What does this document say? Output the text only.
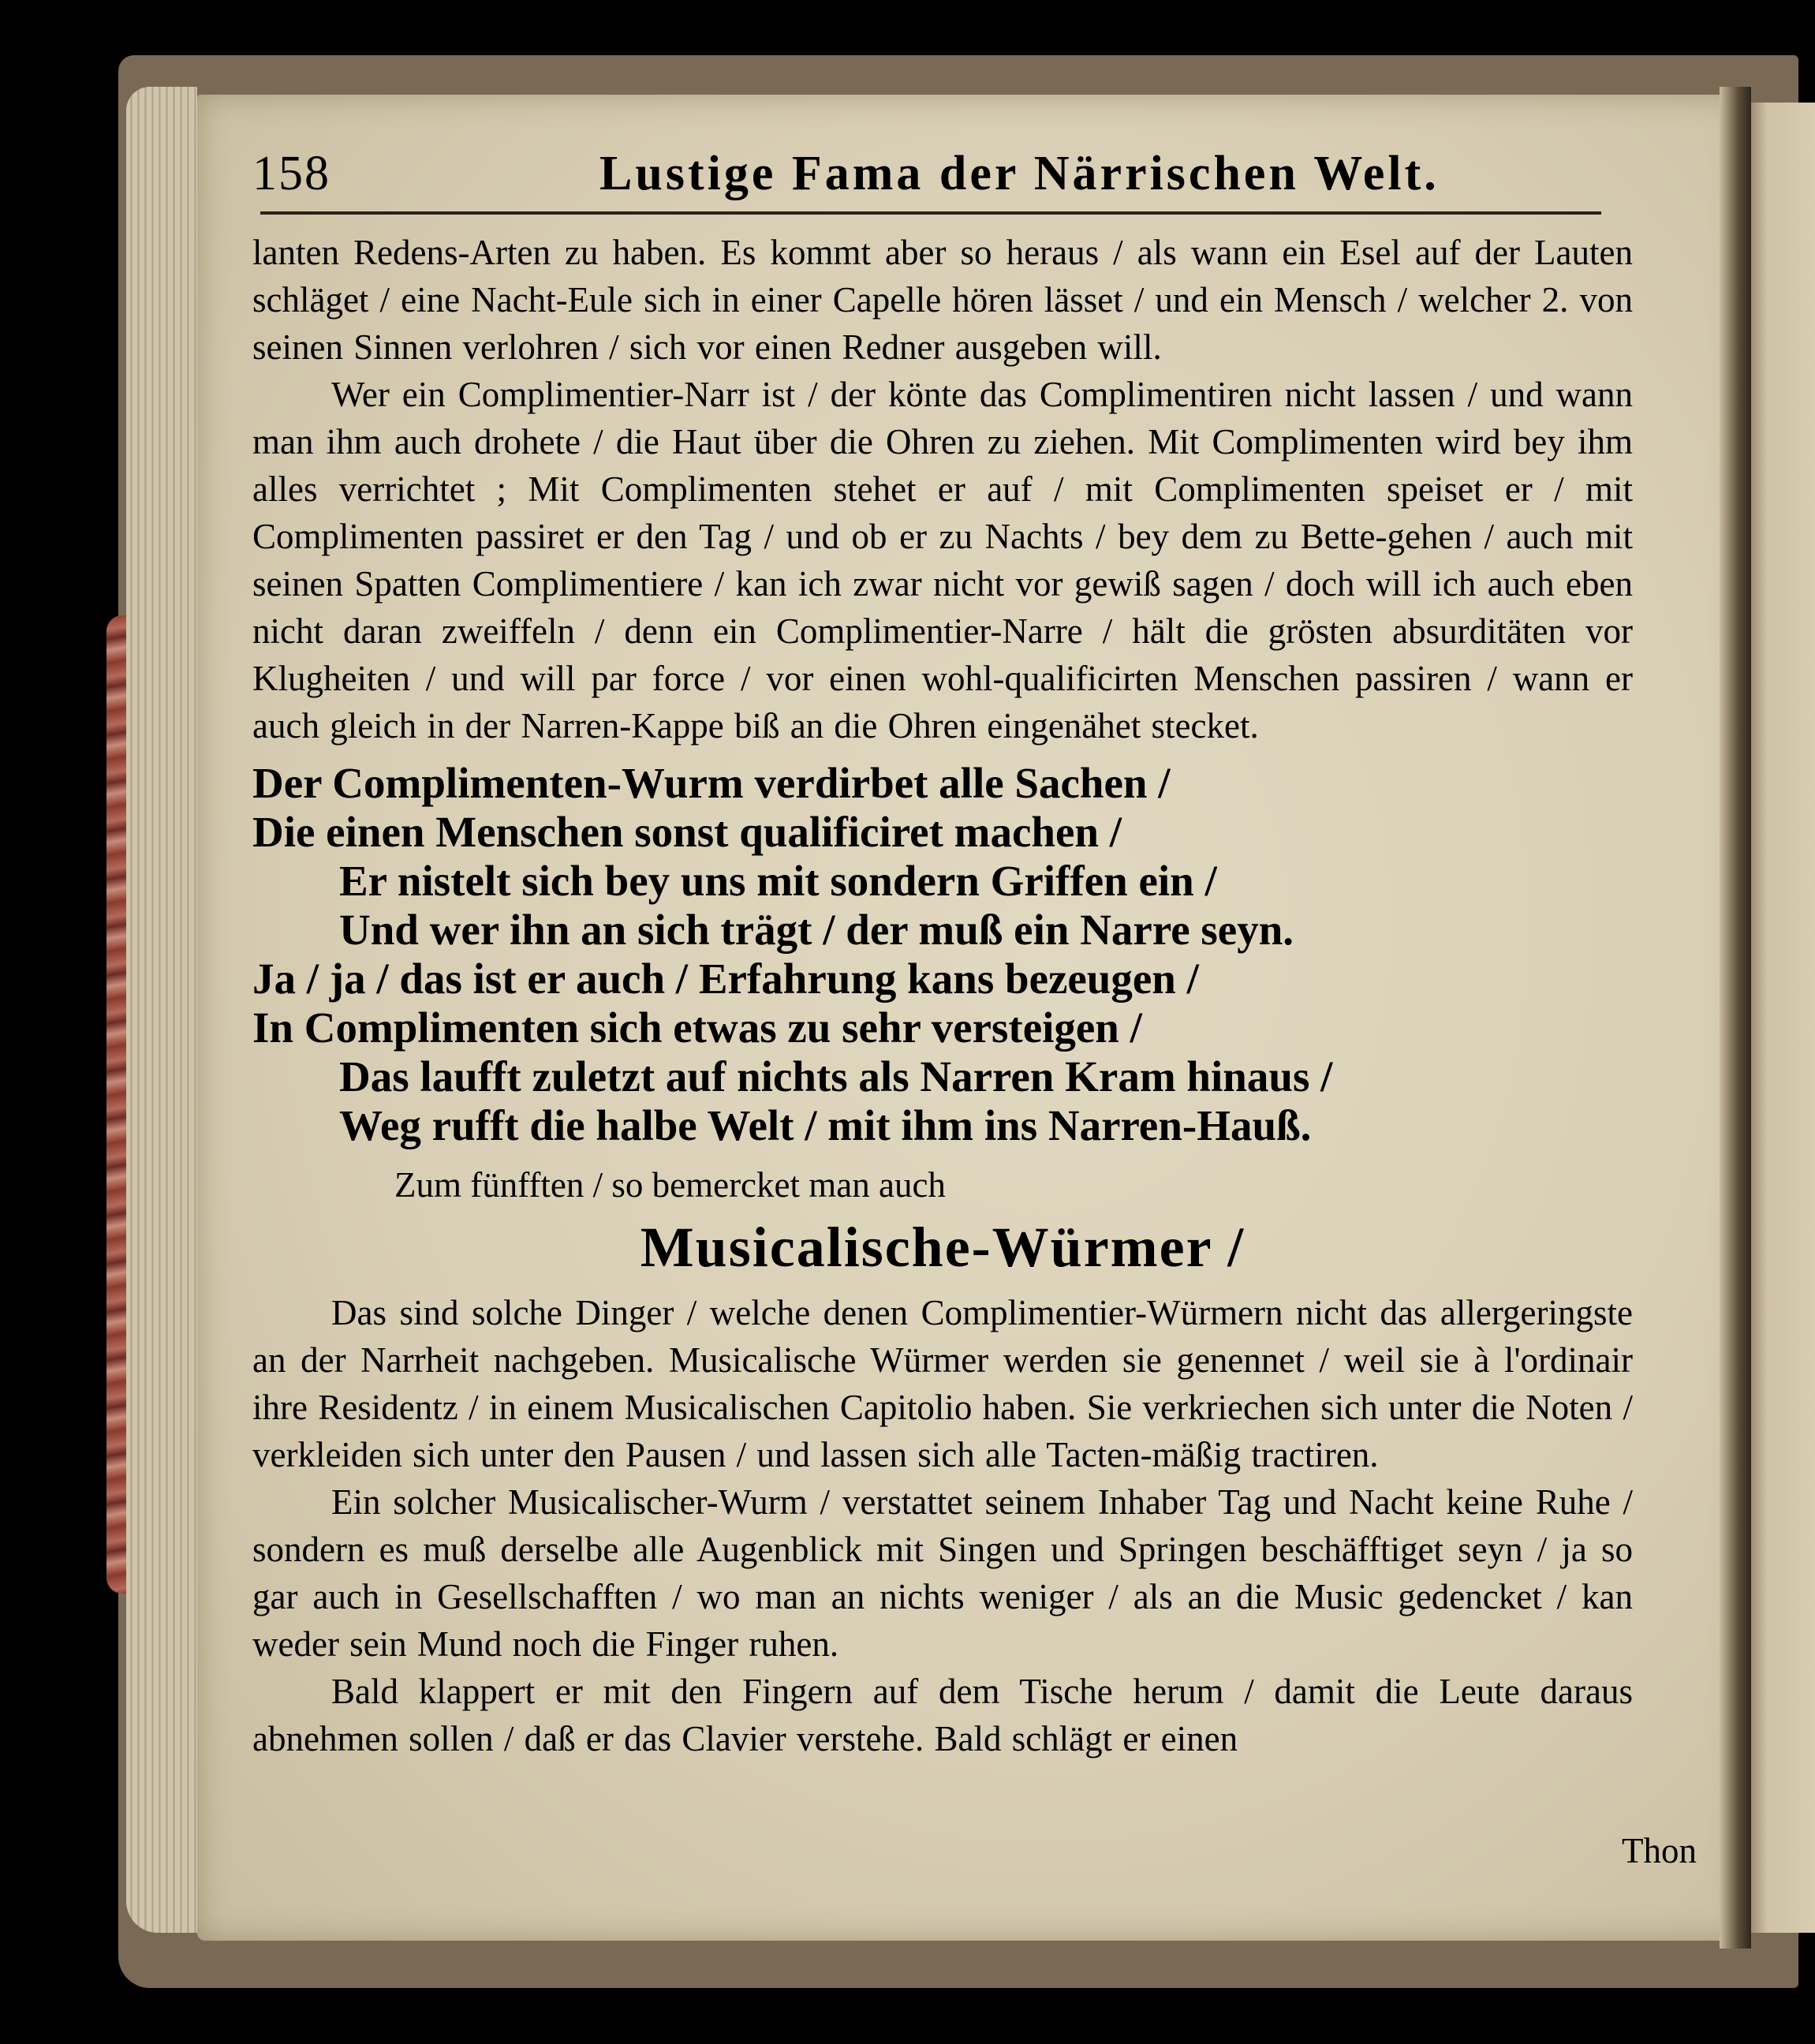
158	Lustige Fama der Närrischen Welt.

lanten Redens-Arten zu haben. Es kommt aber so heraus / als wann ein Esel auf der Lauten schläget / eine Nacht-Eule sich in einer Capelle hören lässet / und ein Mensch / welcher 2. von seinen Sinnen verlohren / sich vor einen Redner ausgeben will.

Wer ein Complimentier-Narr ist / der könte das Complimentiren nicht lassen / und wann man ihm auch drohete / die Haut über die Ohren zu ziehen. Mit Complimenten wird bey ihm alles verrichtet ; Mit Complimenten stehet er auf / mit Complimenten speiset er / mit Complimenten passiret er den Tag / und ob er zu Nachts / bey dem zu Bette-gehen / auch mit seinen Spatten Complimentiere / kan ich zwar nicht vor gewiß sagen / doch will ich auch eben nicht daran zweiffeln / denn ein Complimentier-Narre / hält die grösten absurditäten vor Klugheiten / und will par force / vor einen wohl-qualificirten Menschen passiren / wann er auch gleich in der Narren-Kappe biß an die Ohren eingenähet stecket.

Der Complimenten-Wurm verdirbet alle Sachen /
Die einen Menschen sonst qualificiret machen /
Er nistelt sich bey uns mit sondern Griffen ein /
Und wer ihn an sich trägt / der muß ein Narre seyn.
Ja / ja / das ist er auch / Erfahrung kans bezeugen /
In Complimenten sich etwas zu sehr versteigen /
Das laufft zuletzt auf nichts als Narren Kram hinaus /
Weg rufft die halbe Welt / mit ihm ins Narren-Hauß.

Zum fünfften / so bemercket man auch

Musicalische-Würmer /

Das sind solche Dinger / welche denen Complimentier-Würmern nicht das allergeringste an der Narrheit nachgeben. Musicalische Würmer werden sie genennet / weil sie à l'ordinair ihre Residentz / in einem Musicalischen Capitolio haben. Sie verkriechen sich unter die Noten / verkleiden sich unter den Pausen / und lassen sich alle Tacten-mäßig tractiren.

Ein solcher Musicalischer-Wurm / verstattet seinem Inhaber Tag und Nacht keine Ruhe / sondern es muß derselbe alle Augenblick mit Singen und Springen beschäfftiget seyn / ja so gar auch in Gesellschafften / wo man an nichts weniger / als an die Music gedencket / kan weder sein Mund noch die Finger ruhen.

Bald klappert er mit den Fingern auf dem Tische herum / damit die Leute daraus abnehmen sollen / daß er das Clavier verstehe. Bald schlägt er einen

Thon
